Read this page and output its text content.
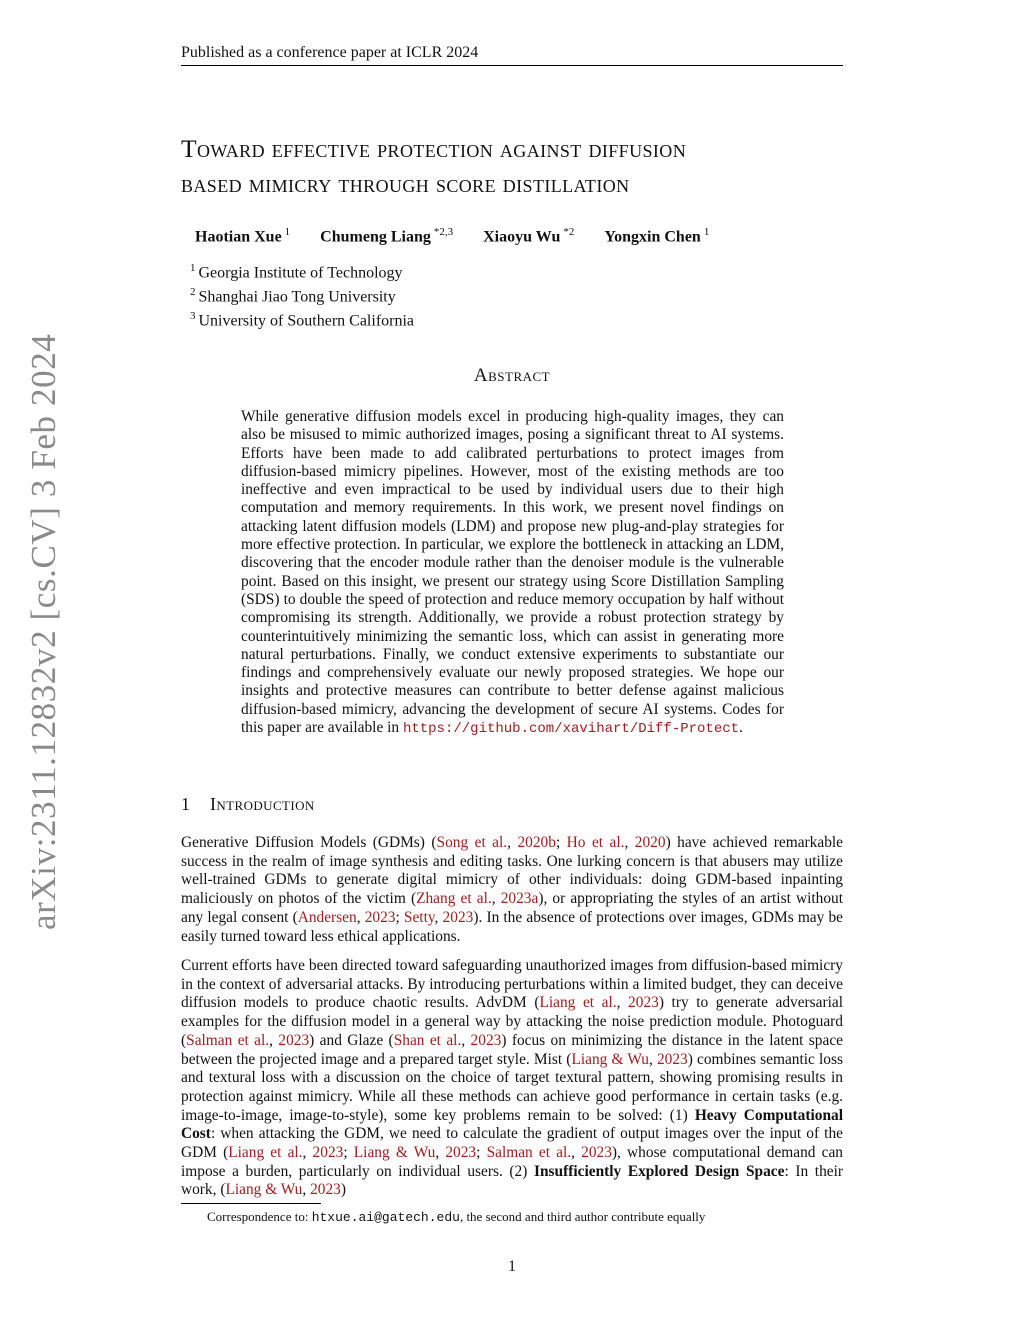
Published as a conference paper at ICLR 2024
arXiv:2311.12832v2 [cs.CV] 3 Feb 2024
Toward effective protection against diffusion
based mimicry through score distillation
Haotian Xue $^1$ Chumeng Liang $^{*2,3}$ Xiaoyu Wu $^{*2}$ Yongxin Chen $^1$
$^1$ Georgia Institute of Technology
$^2$ Shanghai Jiao Tong University
$^3$ University of Southern California
Abstract
While generative diffusion models excel in producing high-quality images, they can also be misused to mimic authorized images, posing a significant threat to AI systems. Efforts have been made to add calibrated perturbations to protect images from diffusion-based mimicry pipelines. However, most of the existing methods are too ineffective and even impractical to be used by individual users due to their high computation and memory requirements. In this work, we present novel findings on attacking latent diffusion models (LDM) and propose new plug-and-play strategies for more effective protection. In particular, we explore the bottleneck in attacking an LDM, discovering that the encoder module rather than the denoiser module is the vulnerable point. Based on this insight, we present our strategy using Score Distillation Sampling (SDS) to double the speed of protection and reduce memory occupation by half without compromising its strength. Additionally, we provide a robust protection strategy by counterintuitively minimizing the semantic loss, which can assist in generating more natural perturbations. Finally, we conduct extensive experiments to substantiate our findings and comprehensively evaluate our newly proposed strategies. We hope our insights and protective measures can contribute to better defense against malicious diffusion-based mimicry, advancing the development of secure AI systems. Codes for this paper are available in https://github.com/xavihart/Diff-Protect.
1 Introduction
Generative Diffusion Models (GDMs) (Song et al., 2020b; Ho et al., 2020) have achieved remarkable success in the realm of image synthesis and editing tasks. One lurking concern is that abusers may utilize well-trained GDMs to generate digital mimicry of other individuals: doing GDM-based inpainting maliciously on photos of the victim (Zhang et al., 2023a), or appropriating the styles of an artist without any legal consent (Andersen, 2023; Setty, 2023). In the absence of protections over images, GDMs may be easily turned toward less ethical applications.
Current efforts have been directed toward safeguarding unauthorized images from diffusion-based mimicry in the context of adversarial attacks. By introducing perturbations within a limited budget, they can deceive diffusion models to produce chaotic results. AdvDM (Liang et al., 2023) try to generate adversarial examples for the diffusion model in a general way by attacking the noise prediction module. Photoguard (Salman et al., 2023) and Glaze (Shan et al., 2023) focus on minimizing the distance in the latent space between the projected image and a prepared target style. Mist (Liang & Wu, 2023) combines semantic loss and textural loss with a discussion on the choice of target textural pattern, showing promising results in protection against mimicry. While all these methods can achieve good performance in certain tasks (e.g. image-to-image, image-to-style), some key problems remain to be solved: (1) Heavy Computational Cost: when attacking the GDM, we need to calculate the gradient of output images over the input of the GDM (Liang et al., 2023; Liang & Wu, 2023; Salman et al., 2023), whose computational demand can impose a burden, particularly on individual users. (2) Insufficiently Explored Design Space: In their work, (Liang & Wu, 2023)
Correspondence to: htxue.ai@gatech.edu, the second and third author contribute equally
1
